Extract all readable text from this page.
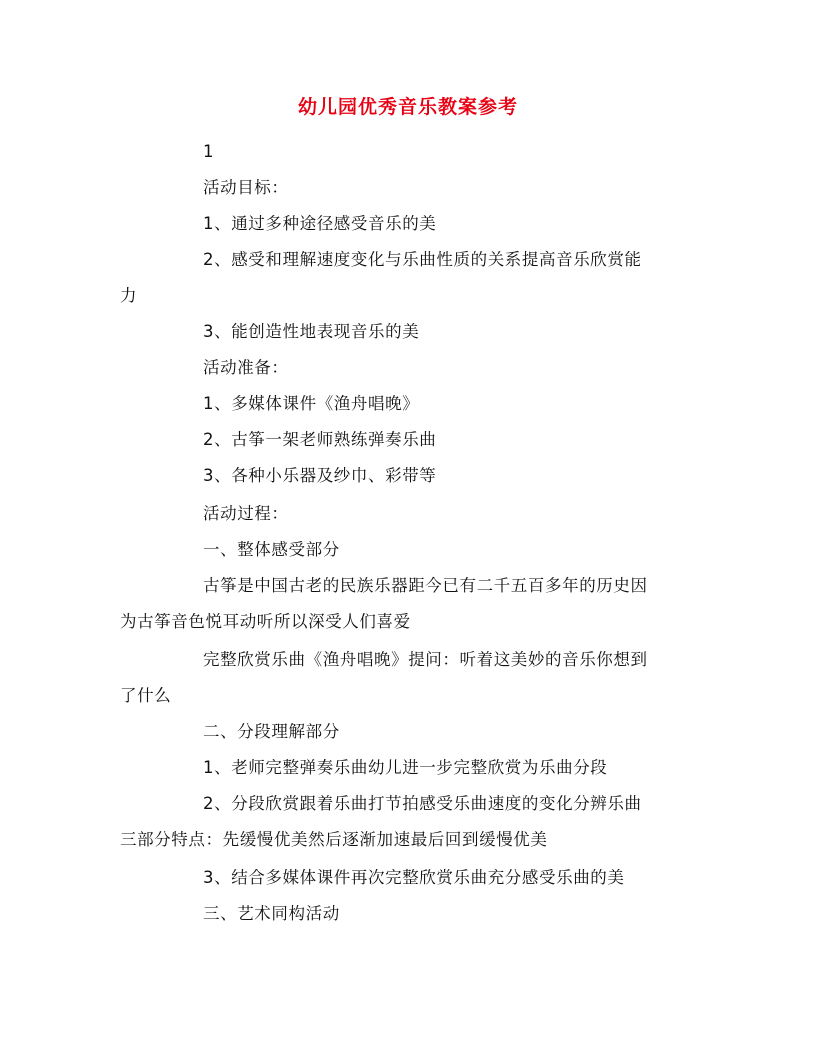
幼儿园优秀音乐教案参考
1
活动目标：
1、通过多种途径感受音乐的美
2、感受和理解速度变化与乐曲性质的关系提高音乐欣赏能
力
3、能创造性地表现音乐的美
活动准备：
1、多媒体课件《渔舟唱晚》
2、古筝一架老师熟练弹奏乐曲
3、各种小乐器及纱巾、彩带等
活动过程：
一、整体感受部分
古筝是中国古老的民族乐器距今已有二千五百多年的历史因
为古筝音色悦耳动听所以深受人们喜爱
完整欣赏乐曲《渔舟唱晚》提问：听着这美妙的音乐你想到
了什么
二、分段理解部分
1、老师完整弹奏乐曲幼儿进一步完整欣赏为乐曲分段
2、分段欣赏跟着乐曲打节拍感受乐曲速度的变化分辨乐曲
三部分特点：先缓慢优美然后逐渐加速最后回到缓慢优美
3、结合多媒体课件再次完整欣赏乐曲充分感受乐曲的美
三、艺术同构活动
